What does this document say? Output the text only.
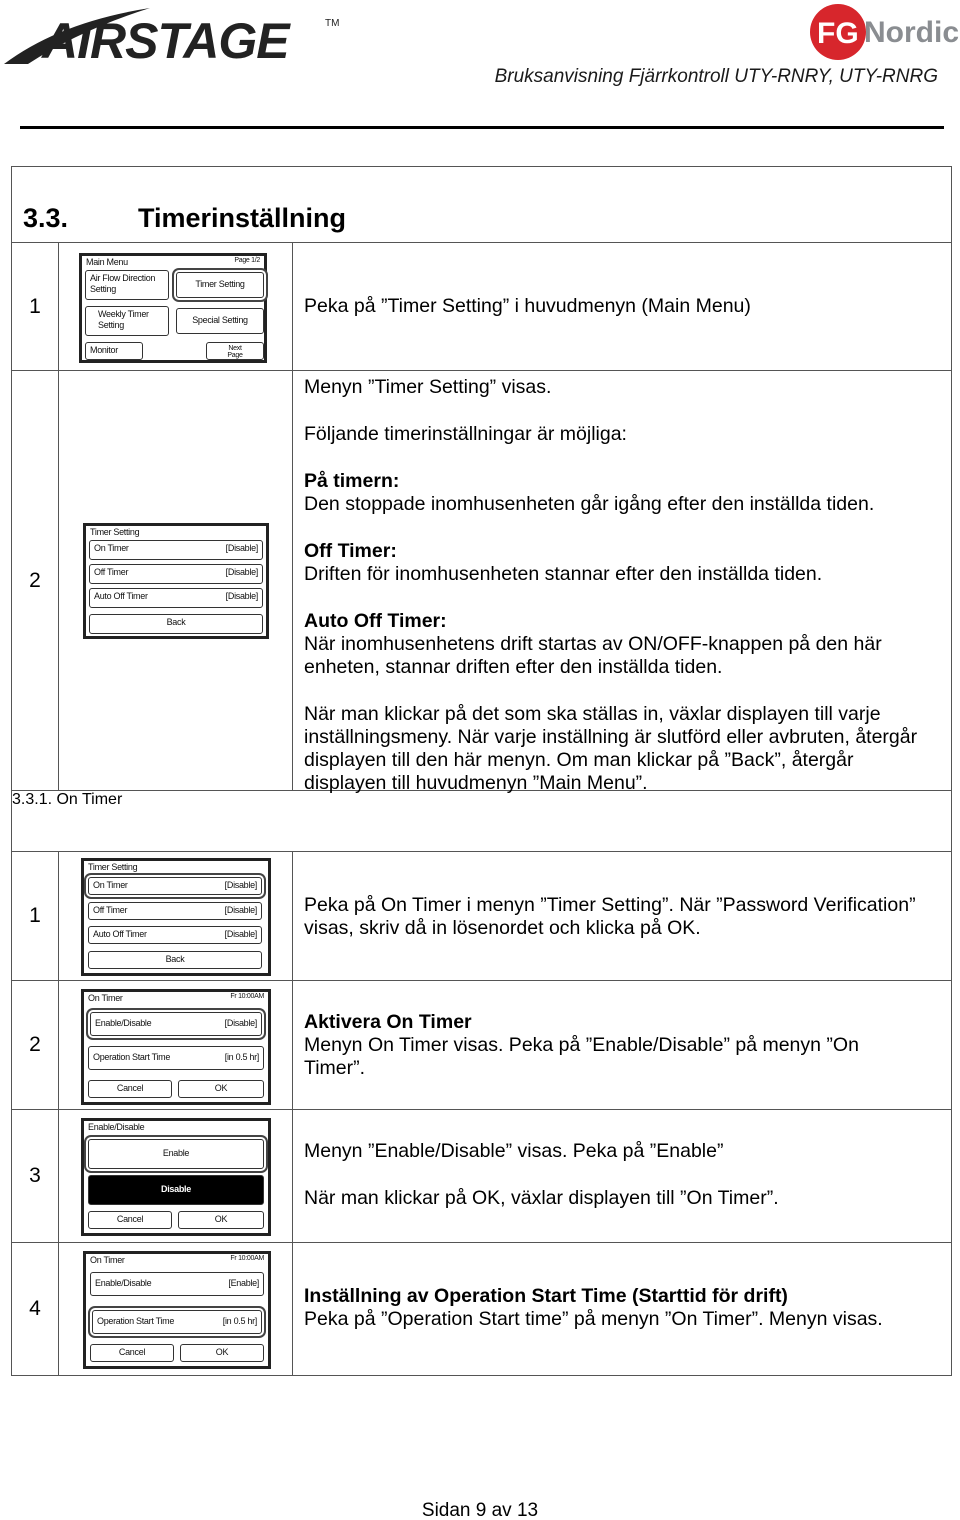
AIRSTAGE	TM	FG Nordic
Bruksanvisning Fjärrkontroll UTY-RNRY, UTY-RNRG
3.3.	Timerinställning
1
Main Menu	Page 1/2
Air Flow Direction
Setting	Timer Setting
Weekly Timer
Setting	Special Setting
Monitor	Next
Page

Peka på ”Timer Setting” i huvudmenyn (Main Menu)

2
Timer Setting
On Timer	[Disable]
Off Timer	[Disable]
Auto Off Timer	[Disable]
Back

Menyn ”Timer Setting” visas.

Följande timerinställningar är möjliga:

På timern:

Den stoppade inomhusenheten går igång efter den inställda tiden.

Off Timer:

Driften för inomhusenheten stannar efter den inställda tiden.

Auto Off Timer:

När inomhusenhetens drift startas av ON/OFF-knappen på den här

enheten, stannar driften efter den inställda tiden.

När man klickar på det som ska ställas in, växlar displayen till varje

inställningsmeny. När varje inställning är slutförd eller avbruten, återgår

displayen till den här menyn. Om man klickar på ”Back”, återgår

displayen till huvudmenyn ”Main Menu”.

3.3.1. On Timer
1
Timer Setting
On Timer	[Disable]
Off Timer	[Disable]
Auto Off Timer	[Disable]
Back

Peka på On Timer i menyn ”Timer Setting”. När ”Password Verification”

visas, skriv då in lösenordet och klicka på OK.

2
On Timer	Fr 10:00AM
Enable/Disable	[Disable]
Operation Start Time	[in 0.5 hr]
Cancel	OK

Aktivera On Timer

Menyn On Timer visas. Peka på ”Enable/Disable” på menyn ”On

Timer”.

3
Enable/Disable
Enable
Disable
Cancel	OK

Menyn ”Enable/Disable” visas. Peka på ”Enable”

När man klickar på OK, växlar displayen till ”On Timer”.

4
On Timer	Fr 10:00AM
Enable/Disable	[Enable]
Operation Start Time	[in 0.5 hr]
Cancel	OK

Inställning av Operation Start Time (Starttid för drift)

Peka på ”Operation Start time” på menyn ”On Timer”. Menyn visas.

Sidan 9 av 13
